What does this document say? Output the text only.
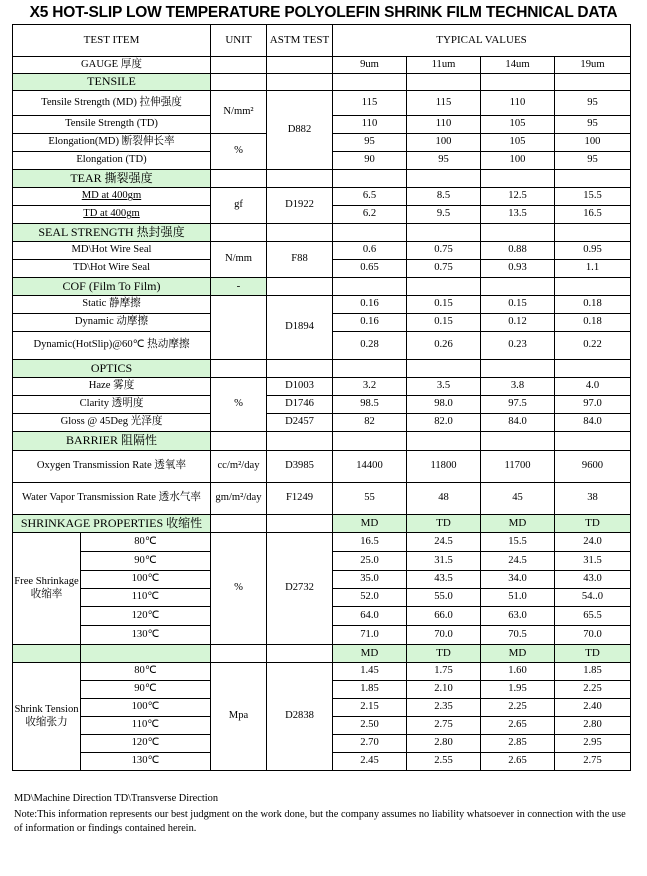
X5 HOT-SLIP LOW TEMPERATURE POLYOLEFIN SHRINK FILM TECHNICAL DATA
TEST ITEM		UNIT	ASTM TEST	TYPICAL VALUES			
GAUGE 厚度				9um	11um	14um	19um
TENSILE							
Tensile Strength (MD) 拉伸强度		N/mm²	D882	115	115	110	95
Tensile Strength (TD)				110	110	105	95
Elongation(MD) 断裂伸长率		%		95	100	105	100
Elongation (TD)				90	95	100	95
TEAR 撕裂强度							
MD at 400gm		gf	D1922	6.5	8.5	12.5	15.5
TD at 400gm				6.2	9.5	13.5	16.5
SEAL STRENGTH 热封强度							
MD\Hot Wire Seal		N/mm	F88	0.6	0.75	0.88	0.95
TD\Hot Wire Seal				0.65	0.75	0.93	1.1
COF (Film To Film)		-					
Static 静摩擦			D1894	0.16	0.15	0.15	0.18
Dynamic 动摩擦				0.16	0.15	0.12	0.18
Dynamic(HotSlip)@60℃ 热动摩擦				0.28	0.26	0.23	0.22
OPTICS							
Haze 雾度		%	D1003	3.2	3.5	3.8	4.0
Clarity 透明度			D1746	98.5	98.0	97.5	97.0
Gloss @ 45Deg 光泽度			D2457	82	82.0	84.0	84.0
BARRIER 阻隔性							
Oxygen Transmission Rate 透氧率		cc/m²/day	D3985	14400	11800	11700	9600
Water Vapor Transmission Rate 透水气率		gm/m²/day	F1249	55	48	45	38
SHRINKAGE PROPERTIES 收缩性				MD	TD	MD	TD
Free Shrinkage 收缩率	80℃	%	D2732	16.5	24.5	15.5	24.0
	90℃			25.0	31.5	24.5	31.5
	100℃			35.0	43.5	34.0	43.0
	110℃			52.0	55.0	51.0	54..0
	120℃			64.0	66.0	63.0	65.5
	130℃			71.0	70.0	70.5	70.0
				MD	TD	MD	TD
Shrink Tension 收缩张力	80℃	Mpa	D2838	1.45	1.75	1.60	1.85
	90℃			1.85	2.10	1.95	2.25
	100℃			2.15	2.35	2.25	2.40
	110℃			2.50	2.75	2.65	2.80
	120℃			2.70	2.80	2.85	2.95
	130℃			2.45	2.55	2.65	2.75
MD\Machine Direction TD\Transverse Direction
Note:This information represents our best judgment on the work done, but the company assumes no liability whatsoever in connection with the use of information or findings contained herein.
